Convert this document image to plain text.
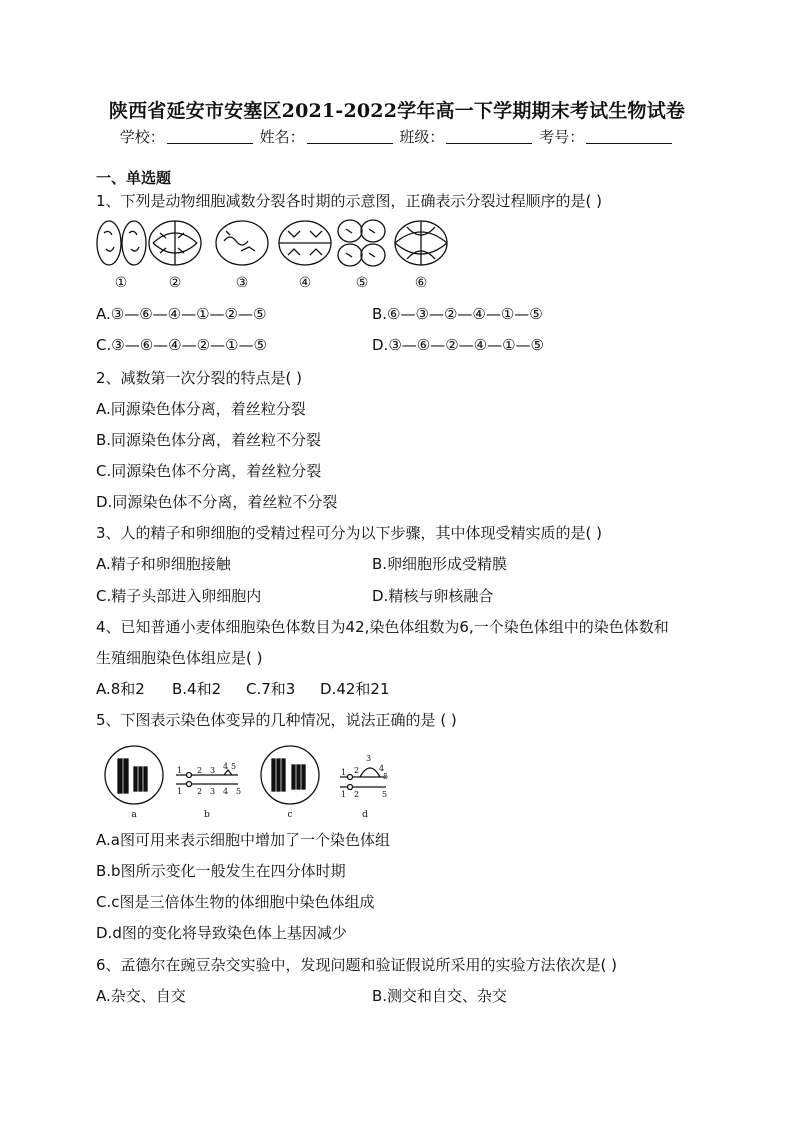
陕西省延安市安塞区2021-2022学年高一下学期期末考试生物试卷
学校：	姓名：	班级：	考号：
一、单选题
1、下列是动物细胞减数分裂各时期的示意图，正确表示分裂过程顺序的是( )
①	②	③	④	⑤	⑥
A.③—⑥—④—①—②—⑤	B.⑥—③—②—④—①—⑤
C.③—⑥—④—②—①—⑤	D.③—⑥—②—④—①—⑤
2、减数第一次分裂的特点是( )
A.同源染色体分离，着丝粒分裂
B.同源染色体分离，着丝粒不分裂
C.同源染色体不分离，着丝粒分裂
D.同源染色体不分离，着丝粒不分裂
3、人的精子和卵细胞的受精过程可分为以下步骤，其中体现受精实质的是( )
A.精子和卵细胞接触	B.卵细胞形成受精膜
C.精子头部进入卵细胞内	D.精核与卵核融合
4、已知普通小麦体细胞染色体数目为42,染色体组数为6,一个染色体组中的染色体数和
生殖细胞染色体组应是( )
A.8和2 B.4和2 C.7和3 D.42和21
5、下图表示染色体变异的几种情况，说法正确的是 ( )
1 2 3 4 5
1 2 3 4 5
1 2
3
4
5
1 2	5
a	b	c	d
A.a图可用来表示细胞中增加了一个染色体组
B.b图所示变化一般发生在四分体时期
C.c图是三倍体生物的体细胞中染色体组成
D.d图的变化将导致染色体上基因减少
6、孟德尔在豌豆杂交实验中，发现问题和验证假说所采用的实验方法依次是( )
A.杂交、自交	B.测交和自交、杂交
